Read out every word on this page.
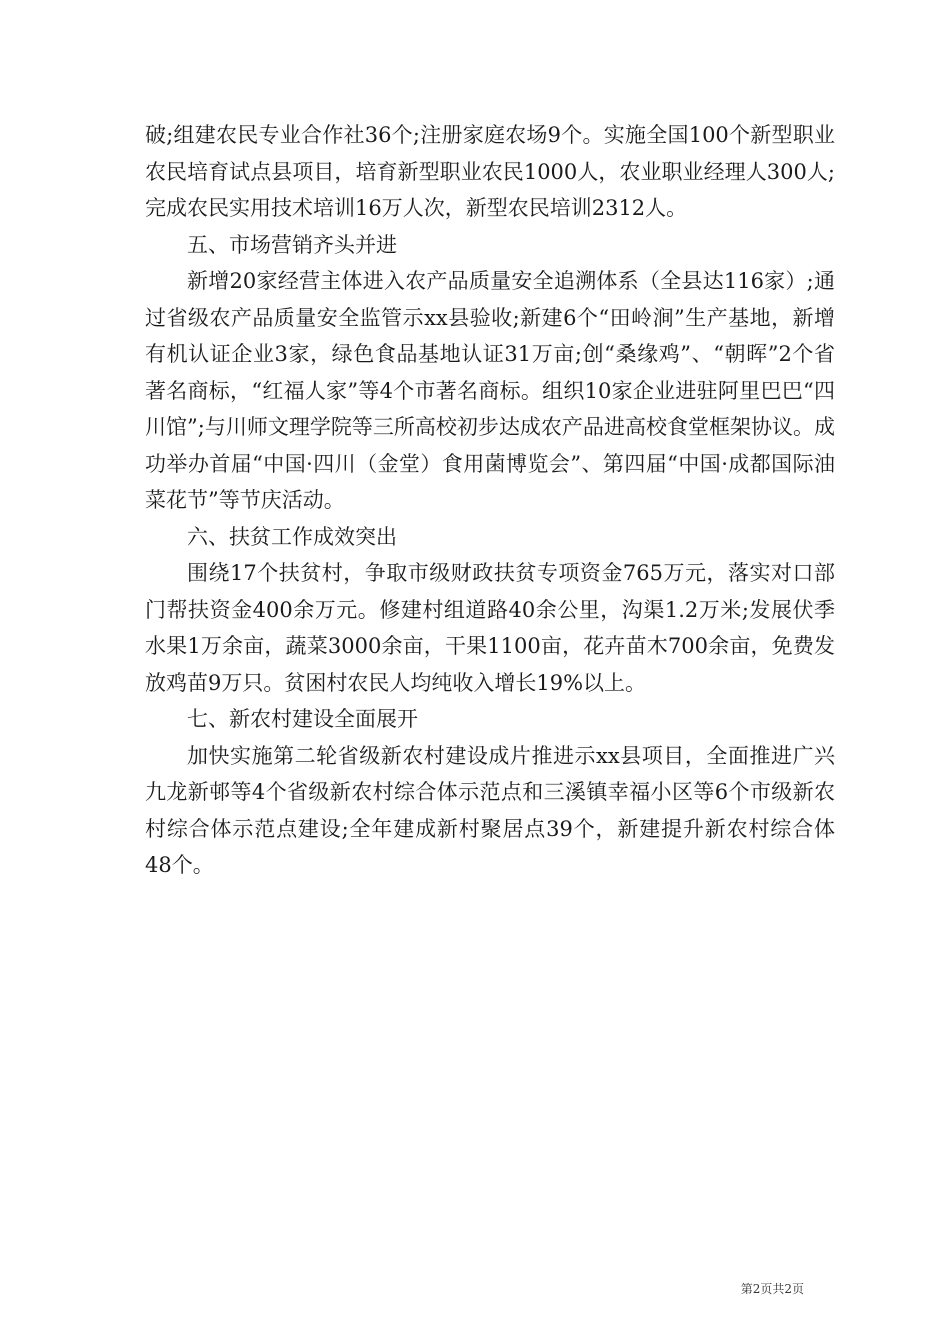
破;组建农民专业合作社36个;注册家庭农场9个。实施全国100个新型职业农民培育试点县项目，培育新型职业农民1000人，农业职业经理人300人;完成农民实用技术培训16万人次，新型农民培训2312人。

五、市场营销齐头并进

新增20家经营主体进入农产品质量安全追溯体系（全县达116家）;通过省级农产品质量安全监管示xx县验收;新建6个“田岭涧”生产基地，新增有机认证企业3家，绿色食品基地认证31万亩;创“桑缘鸡”、“朝晖”2个省著名商标，“红福人家”等4个市著名商标。组织10家企业进驻阿里巴巴“四川馆”;与川师文理学院等三所高校初步达成农产品进高校食堂框架协议。成功举办首届“中国·四川（金堂）食用菌博览会”、第四届“中国·成都国际油菜花节”等节庆活动。

六、扶贫工作成效突出

围绕17个扶贫村，争取市级财政扶贫专项资金765万元，落实对口部门帮扶资金400余万元。修建村组道路40余公里，沟渠1.2万米;发展伏季水果1万余亩，蔬菜3000余亩，干果1100亩，花卉苗木700余亩，免费发放鸡苗9万只。贫困村农民人均纯收入增长19%以上。

七、新农村建设全面展开

加快实施第二轮省级新农村建设成片推进示xx县项目，全面推进广兴九龙新邨等4个省级新农村综合体示范点和三溪镇幸福小区等6个市级新农村综合体示范点建设;全年建成新村聚居点39个，新建提升新农村综合体48个。

第2页共2页
